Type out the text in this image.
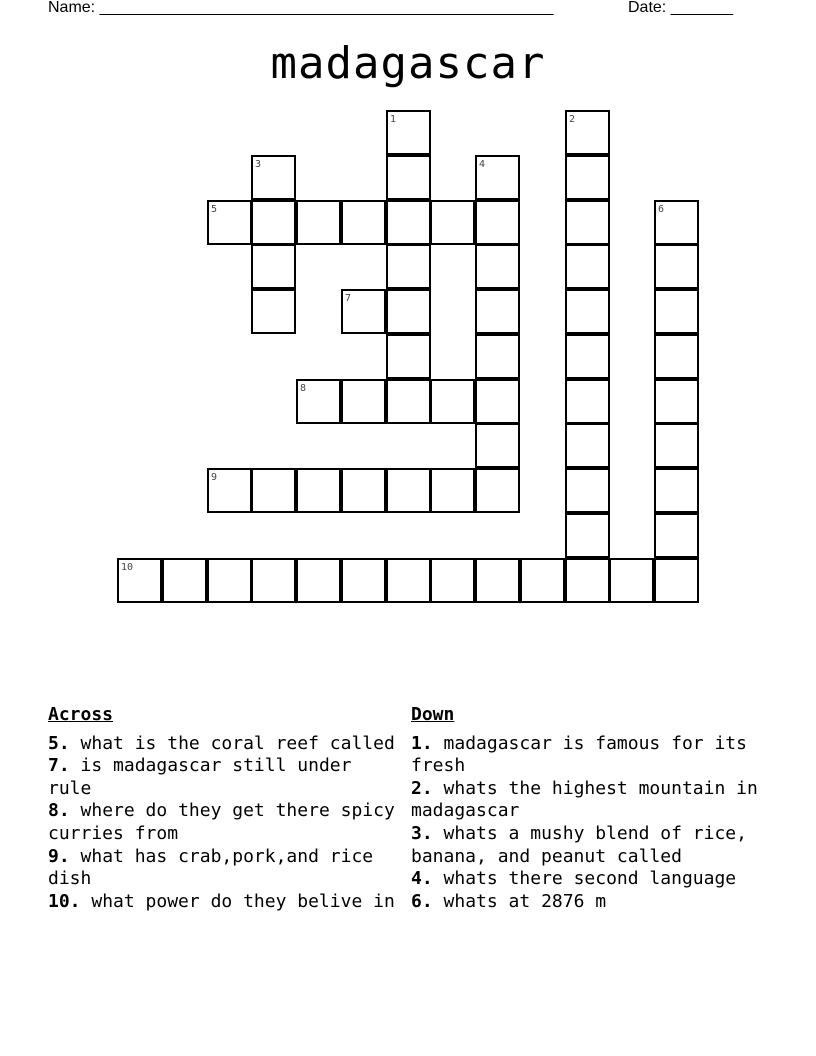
Name: ___________________________________________________	Date: _______
madagascar
5
7
8
9
10
1	2
3	4
6
Across

5. what is the coral reef called

7. is madagascar still under rule

8. where do they get there spicy curries from

9. what has crab,pork,and rice dish

10. what power do they belive in

Down

1. madagascar is famous for its fresh

2. whats the highest mountain in madagascar

3. whats a mushy blend of rice, banana, and peanut called

4. whats there second language

6. whats at 2876 m
